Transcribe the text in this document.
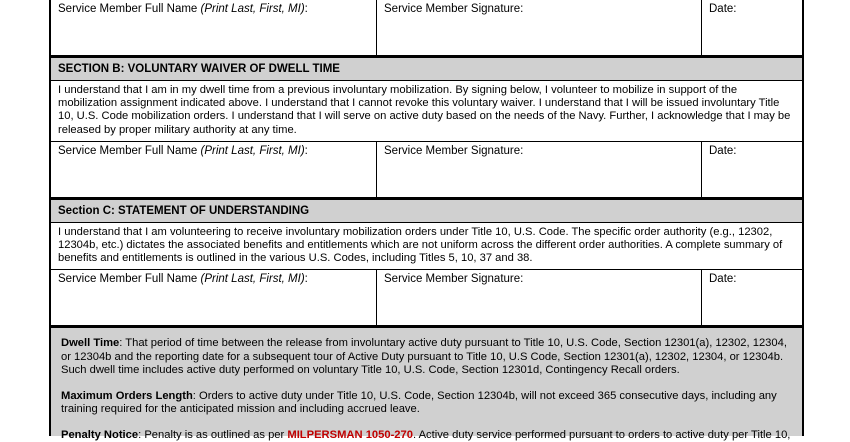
Service Member Full Name (Print Last, First, MI):	Service Member Signature:	Date:
SECTION B: VOLUNTARY WAIVER OF DWELL TIME
I understand that I am in my dwell time from a previous involuntary mobilization. By signing below, I volunteer to mobilize in support of the mobilization assignment indicated above. I understand that I cannot revoke this voluntary waiver. I understand that I will be issued involuntary Title 10, U.S. Code mobilization orders. I understand that I will serve on active duty based on the needs of the Navy. Further, I acknowledge that I may be released by proper military authority at any time.
Service Member Full Name (Print Last, First, MI):	Service Member Signature:	Date:
Section C: STATEMENT OF UNDERSTANDING
I understand that I am volunteering to receive involuntary mobilization orders under Title 10, U.S. Code. The specific order authority (e.g., 12302, 12304b, etc.) dictates the associated benefits and entitlements which are not uniform across the different order authorities. A complete summary of benefits and entitlements is outlined in the various U.S. Codes, including Titles 5, 10, 37 and 38.
Service Member Full Name (Print Last, First, MI):	Service Member Signature:	Date:

Dwell Time: That period of time between the release from involuntary active duty pursuant to Title 10, U.S. Code, Section 12301(a), 12302, 12304, or 12304b and the reporting date for a subsequent tour of Active Duty pursuant to Title 10, U.S Code, Section 12301(a), 12302, 12304, or 12304b. Such dwell time includes active duty performed on voluntary Title 10, U.S. Code, Section 12301d, Contingency Recall orders.

Maximum Orders Length: Orders to active duty under Title 10, U.S. Code, Section 12304b, will not exceed 365 consecutive days, including any training required for the anticipated mission and including accrued leave.

Penalty Notice: Penalty is as outlined as per MILPERSMAN 1050-270. Active duty service performed pursuant to orders to active duty per Title 10,
